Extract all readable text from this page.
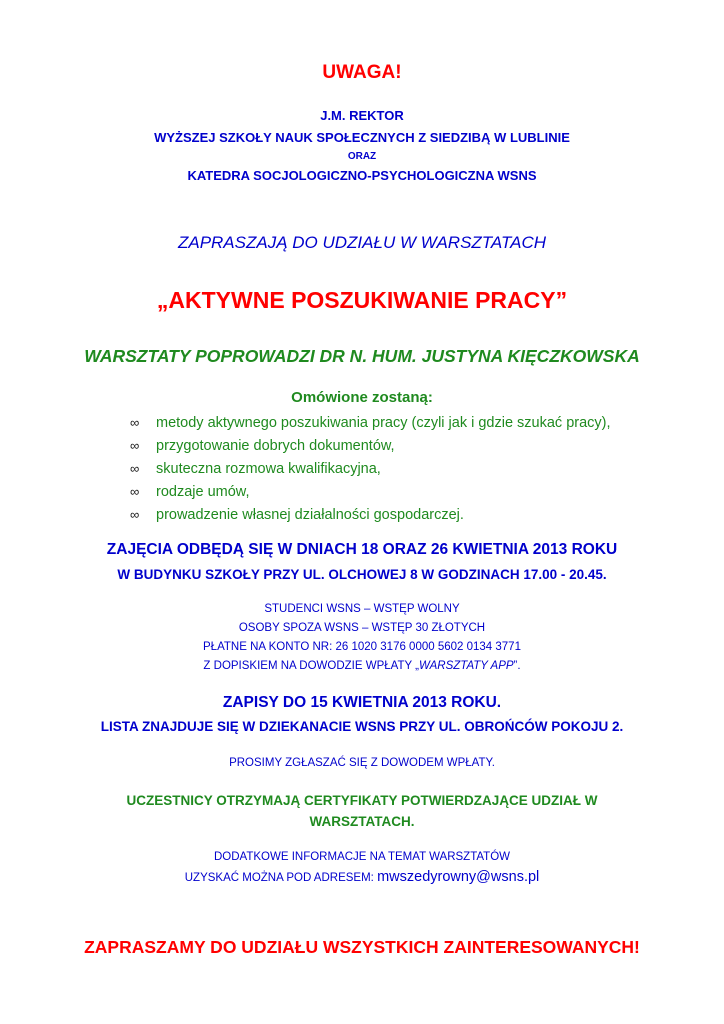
UWAGA!
J.M. REKTOR
WYŻSZEJ SZKOŁY NAUK SPOŁECZNYCH Z SIEDZIBĄ W LUBLINIE
ORAZ
KATEDRA SOCJOLOGICZNO-PSYCHOLOGICZNA WSNS
ZAPRASZAJĄ DO UDZIAŁU W WARSZTATACH
„AKTYWNE POSZUKIWANIE PRACY”
WARSZTATY POPROWADZI DR N. HUM. JUSTYNA KIĘCZKOWSKA
Omówione zostaną:
∞ metody aktywnego poszukiwania pracy (czyli jak i gdzie szukać pracy),
∞ przygotowanie dobrych dokumentów,
∞ skuteczna rozmowa kwalifikacyjna,
∞ rodzaje umów,
∞ prowadzenie własnej działalności gospodarczej.
ZAJĘCIA ODBĘDĄ SIĘ W DNIACH 18 ORAZ 26 KWIETNIA 2013 ROKU
W BUDYNKU SZKOŁY PRZY UL. OLCHOWEJ 8 W GODZINACH 17.00 - 20.45.
STUDENCI WSNS – WSTĘP WOLNY
OSOBY SPOZA WSNS – WSTĘP 30 ZŁOTYCH
PŁATNE NA KONTO NR: 26 1020 3176 0000 5602 0134 3771
Z DOPISKIEM NA DOWODZIE WPŁATY „WARSZTATY APP”.
ZAPISY DO 15 KWIETNIA 2013 ROKU.
LISTA ZNAJDUJE SIĘ W DZIEKANACIE WSNS PRZY UL. OBROŃCÓW POKOJU 2.
PROSIMY ZGŁASZAĆ SIĘ Z DOWODEM WPŁATY.
UCZESTNICY OTRZYMAJĄ CERTYFIKATY POTWIERDZAJĄCE UDZIAŁ W
WARSZTATACH.
DODATKOWE INFORMACJE NA TEMAT WARSZTATÓW
UZYSKAĆ MOŻNA POD ADRESEM: mwszedyrowny@wsns.pl
ZAPRASZAMY DO UDZIAŁU WSZYSTKICH ZAINTERESOWANYCH!
